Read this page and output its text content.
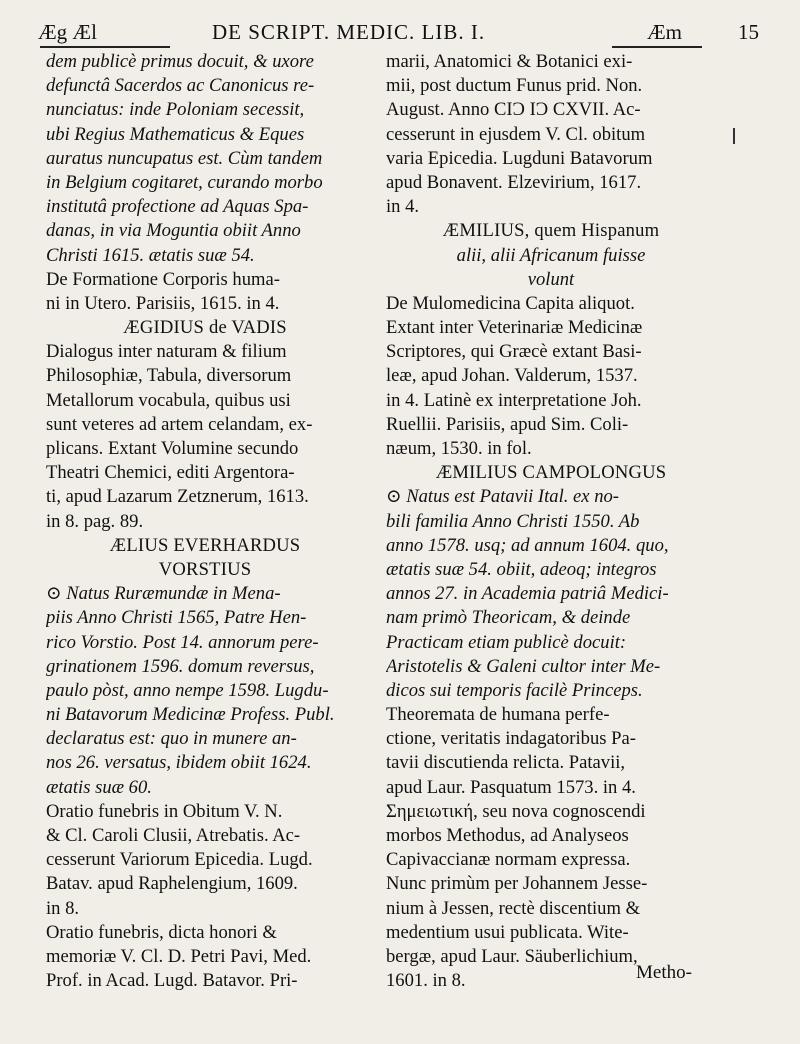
Æg Æl	DE SCRIPT. MEDIC. LIB. I.	Æm	15
dem publicè primus docuit, & uxore
defunctâ Sacerdos ac Canonicus re-
nunciatus: inde Poloniam secessit,
ubi Regius Mathematicus & Eques
auratus nuncupatus est. Cùm tandem
in Belgium cogitaret, curando morbo
institutâ profectione ad Aquas Spa-
danas, in via Moguntia obiit Anno
Christi 1615. ætatis suæ 54.
De Formatione Corporis huma-
ni in Utero. Parisiis, 1615. in 4.
ÆGIDIUS de VADIS
Dialogus inter naturam & filium
Philosophiæ, Tabula, diversorum
Metallorum vocabula, quibus usi
sunt veteres ad artem celandam, ex-
plicans. Extant Volumine secundo
Theatri Chemici, editi Argentora-
ti, apud Lazarum Zetznerum, 1613.
in 8. pag. 89.
ÆLIUS EVERHARDUS
VORSTIUS
⊙ Natus Ruræmundæ in Mena-
piis Anno Christi 1565, Patre Hen-
rico Vorstio. Post 14. annorum pere-
grinationem 1596. domum reversus,
paulo pòst, anno nempe 1598. Lugdu-
ni Batavorum Medicinæ Profess. Publ.
declaratus est: quo in munere an-
nos 26. versatus, ibidem obiit 1624.
ætatis suæ 60.
Oratio funebris in Obitum V. N.
& Cl. Caroli Clusii, Atrebatis. Ac-
cesserunt Variorum Epicedia. Lugd.
Batav. apud Raphelengium, 1609.
in 8.
Oratio funebris, dicta honori &
memoriæ V. Cl. D. Petri Pavi, Med.
Prof. in Acad. Lugd. Batavor. Pri-
marii, Anatomici & Botanici exi-
mii, post ductum Funus prid. Non.
August. Anno CIƆ IƆ CXVII. Ac-
cesserunt in ejusdem V. Cl. obitum
varia Epicedia. Lugduni Batavorum
apud Bonavent. Elzevirium, 1617.
in 4.
ÆMILIUS, quem Hispanum
alii, alii Africanum fuisse
volunt
De Mulomedicina Capita aliquot.
Extant inter Veterinariæ Medicinæ
Scriptores, qui Græcè extant Basi-
leæ, apud Johan. Valderum, 1537.
in 4. Latinè ex interpretatione Joh.
Ruellii. Parisiis, apud Sim. Coli-
næum, 1530. in fol.
ÆMILIUS CAMPOLONGUS
⊙ Natus est Patavii Ital. ex no-
bili familia Anno Christi 1550. Ab
anno 1578. usq; ad annum 1604. quo,
ætatis suæ 54. obiit, adeoq; integros
annos 27. in Academia patriâ Medici-
nam primò Theoricam, & deinde
Practicam etiam publicè docuit:
Aristotelis & Galeni cultor inter Me-
dicos sui temporis facilè Princeps.
Theoremata de humana perfe-
ctione, veritatis indagatoribus Pa-
tavii discutienda relicta. Patavii,
apud Laur. Pasquatum 1573. in 4.
Σημειωτική, seu nova cognoscendi
morbos Methodus, ad Analyseos
Capivaccianæ normam expressa.
Nunc primùm per Johannem Jesse-
nium à Jessen, rectè discentium &
medentium usui publicata. Wite-
bergæ, apud Laur. Säuberlichium,
1601. in 8.	Metho-
